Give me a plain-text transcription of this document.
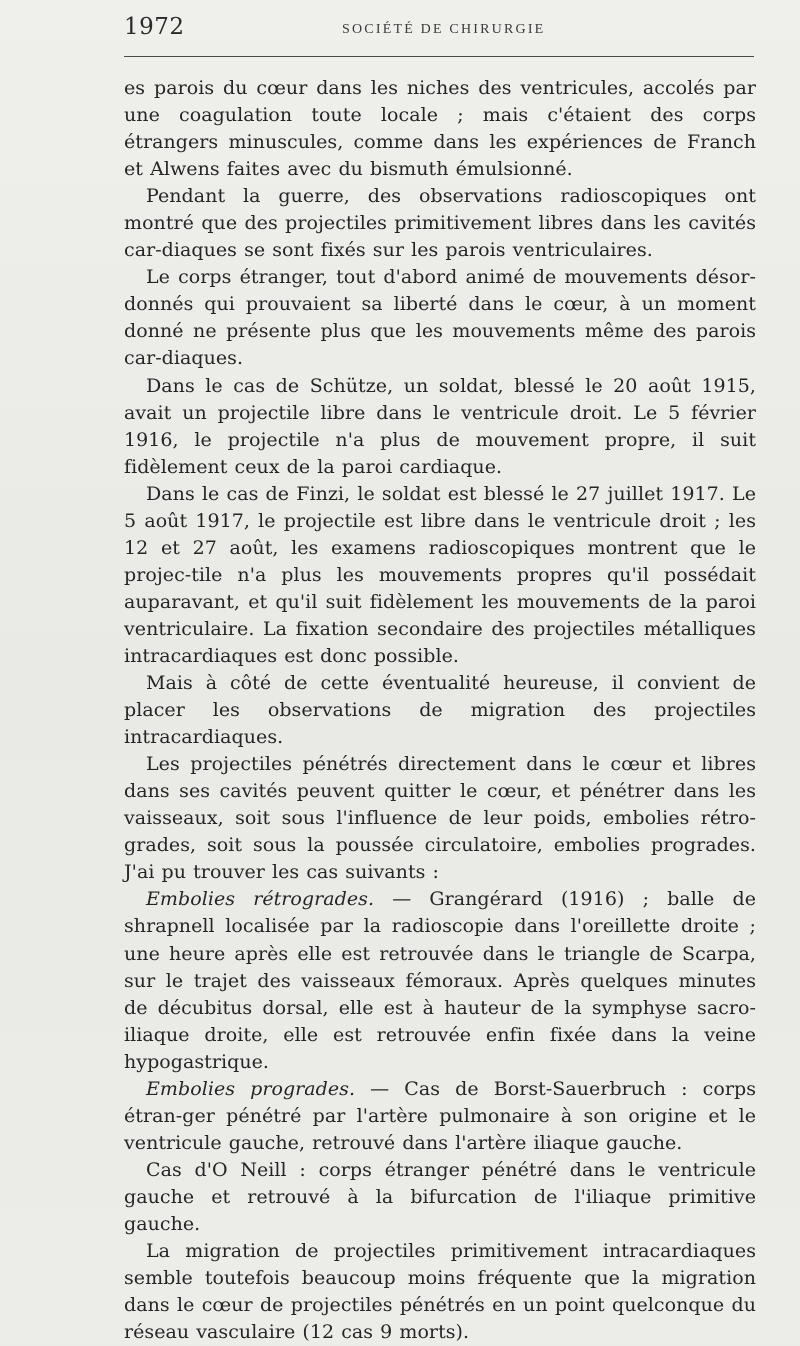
1972	SOCIÉTÉ DE CHIRURGIE

es parois du cœur dans les niches des ventricules, accolés par une coagulation toute locale ; mais c'étaient des corps étrangers minuscules, comme dans les expériences de Franch et Alwens faites avec du bismuth émulsionné.

Pendant la guerre, des observations radioscopiques ont montré que des projectiles primitivement libres dans les cavités car-diaques se sont fixés sur les parois ventriculaires.

Le corps étranger, tout d'abord animé de mouvements désor-donnés qui prouvaient sa liberté dans le cœur, à un moment donné ne présente plus que les mouvements même des parois car-diaques.

Dans le cas de Schütze, un soldat, blessé le 20 août 1915, avait un projectile libre dans le ventricule droit. Le 5 février 1916, le projectile n'a plus de mouvement propre, il suit fidèlement ceux de la paroi cardiaque.

Dans le cas de Finzi, le soldat est blessé le 27 juillet 1917. Le 5 août 1917, le projectile est libre dans le ventricule droit ; les 12 et 27 août, les examens radioscopiques montrent que le projec-tile n'a plus les mouvements propres qu'il possédait auparavant, et qu'il suit fidèlement les mouvements de la paroi ventriculaire. La fixation secondaire des projectiles métalliques intracardiaques est donc possible.

Mais à côté de cette éventualité heureuse, il convient de placer les observations de migration des projectiles intracardiaques.

Les projectiles pénétrés directement dans le cœur et libres dans ses cavités peuvent quitter le cœur, et pénétrer dans les vaisseaux, soit sous l'influence de leur poids, embolies rétro-grades, soit sous la poussée circulatoire, embolies progrades. J'ai pu trouver les cas suivants :

Embolies rétrogrades. — Grangérard (1916) ; balle de shrapnell localisée par la radioscopie dans l'oreillette droite ; une heure après elle est retrouvée dans le triangle de Scarpa, sur le trajet des vaisseaux fémoraux. Après quelques minutes de décubitus dorsal, elle est à hauteur de la symphyse sacro-iliaque droite, elle est retrouvée enfin fixée dans la veine hypogastrique.

Embolies progrades. — Cas de Borst-Sauerbruch : corps étran-ger pénétré par l'artère pulmonaire à son origine et le ventricule gauche, retrouvé dans l'artère iliaque gauche.

Cas d'O Neill : corps étranger pénétré dans le ventricule gauche et retrouvé à la bifurcation de l'iliaque primitive gauche.

La migration de projectiles primitivement intracardiaques semble toutefois beaucoup moins fréquente que la migration dans le cœur de projectiles pénétrés en un point quelconque du réseau vasculaire (12 cas 9 morts).
